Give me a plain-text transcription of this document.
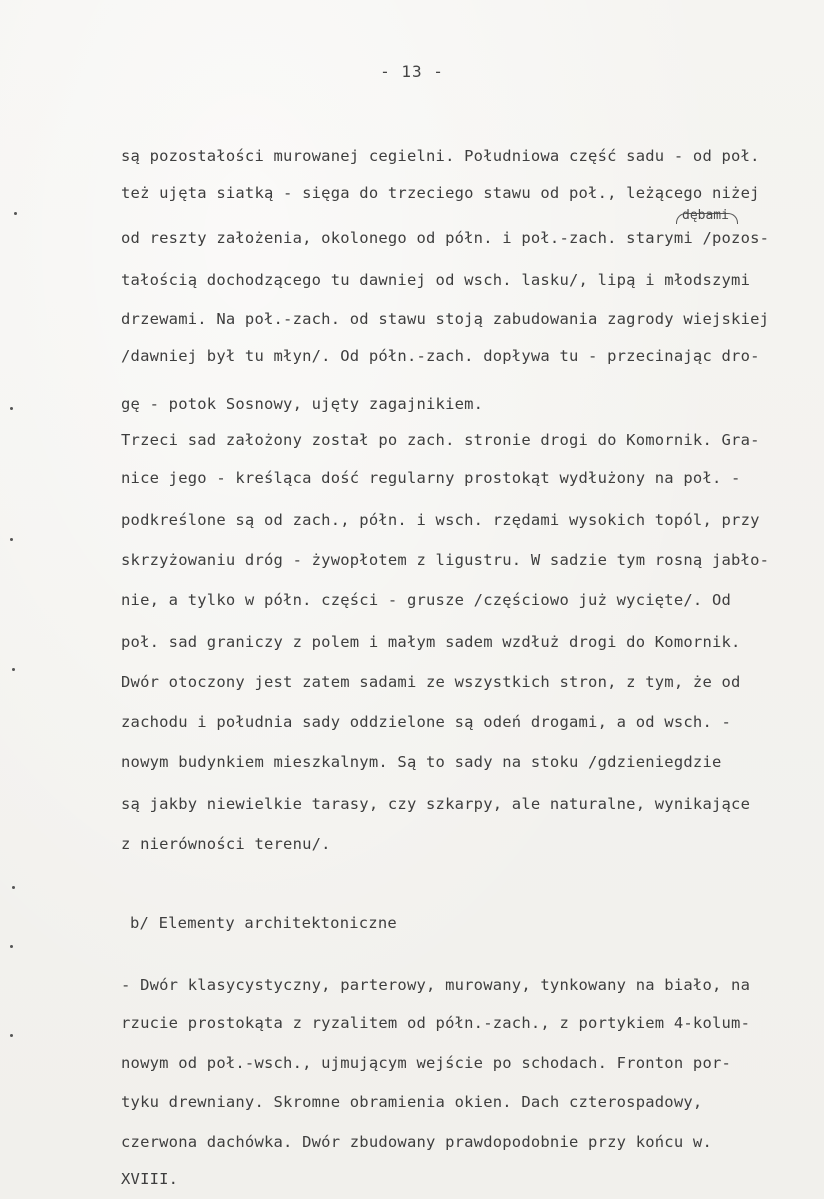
- 13 -
są pozostałości murowanej cegielni. Południowa część sadu - od poł.
też ujęta siatką - sięga do trzeciego stawu od poł., leżącego niżej
od reszty założenia, okolonego od półn. i poł.-zach. starymi /pozos-
tałością dochodzącego tu dawniej od wsch. lasku/, lipą i młodszymi
drzewami. Na poł.-zach. od stawu stoją zabudowania zagrody wiejskiej
/dawniej był tu młyn/. Od półn.-zach. dopływa tu - przecinając dro-
gę - potok Sosnowy, ujęty zagajnikiem.
Trzeci sad założony został po zach. stronie drogi do Komornik. Gra-
nice jego - kreśląca dość regularny prostokąt wydłużony na poł. -
podkreślone są od zach., półn. i wsch. rzędami wysokich topól, przy
skrzyżowaniu dróg - żywopłotem z ligustru. W sadzie tym rosną jabło-
nie, a tylko w półn. części - grusze /częściowo już wycięte/. Od
poł. sad graniczy z polem i małym sadem wzdłuż drogi do Komornik.
Dwór otoczony jest zatem sadami ze wszystkich stron, z tym, że od
zachodu i południa sady oddzielone są odeń drogami, a od wsch. -
nowym budynkiem mieszkalnym. Są to sady na stoku /gdzieniegdzie
są jakby niewielkie tarasy, czy szkarpy, ale naturalne, wynikające
z nierówności terenu/.
b/ Elementy architektoniczne
- Dwór klasycystyczny, parterowy, murowany, tynkowany na biało, na
rzucie prostokąta z ryzalitem od półn.-zach., z portykiem 4-kolum-
nowym od poł.-wsch., ujmującym wejście po schodach. Fronton por-
tyku drewniany. Skromne obramienia okien. Dach czterospadowy,
czerwona dachówka. Dwór zbudowany prawdopodobnie przy końcu w.
XVIII.
dębami
